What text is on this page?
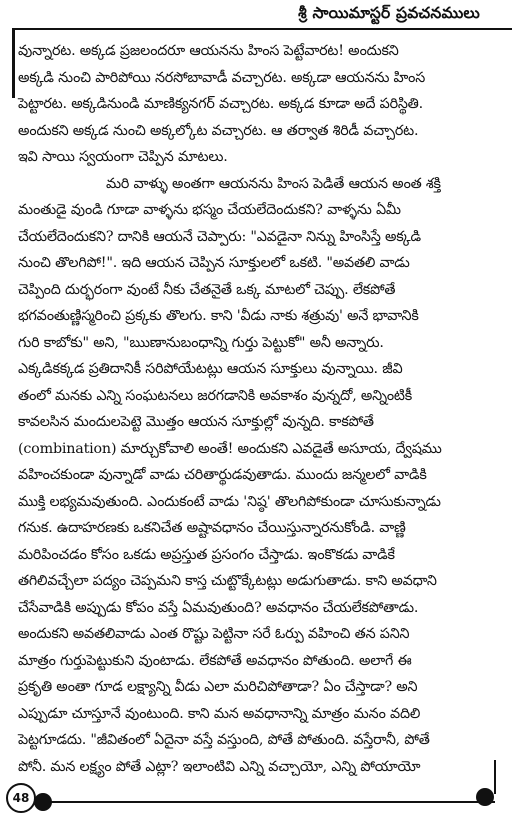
శ్రీ సాయిమాస్టర్ ప్రవచనములు

వున్నారట. అక్కడ ప్రజలందరూ ఆయనను హింస పెట్టేవారట! అందుకని
అక్కడి నుంచి పారిపోయి నరసోబావాడీ వచ్చారట. అక్కడా ఆయనను హింస
పెట్టారట. అక్కడినుండి మాణిక్యనగర్ వచ్చారట. అక్కడ కూడా అదే పరిస్థితి.
అందుకని అక్కడ నుంచి అక్కల్కోట వచ్చారట. ఆ తర్వాత శిరిడీ వచ్చారట.
ఇవి సాయి స్వయంగా చెప్పిన మాటలు.

మరి వాళ్ళు అంతగా ఆయనను హింస పెడితే ఆయన అంత శక్తి
మంతుడై వుండి గూడా వాళ్ళను భస్మం చేయలేదెందుకని? వాళ్ళను ఏమీ
చేయలేదెందుకని? దానికి ఆయనే చెప్పారు: "ఎవడైనా నిన్ను హింసిస్తే అక్కడి
నుంచి తొలగిపో!". ఇది ఆయన చెప్పిన సూక్తులలో ఒకటి. "అవతలి వాడు
చెప్పింది దుర్భరంగా వుంటే నీకు చేతనైతే ఒక్క మాటలో చెప్పు. లేకపోతే
భగవంతుణ్ణిస్మరించి ప్రక్కకు తొలగు. కాని 'వీడు నాకు శత్రువు' అనే భావానికి
గురి కాబోకు" అని, "ఋణానుబంధాన్ని గుర్తు పెట్టుకో" అనీ అన్నారు.
ఎక్కడికక్కడ ప్రతిదానికీ సరిపోయేటట్లు ఆయన సూక్తులు వున్నాయి. జీవి
తంలో మనకు ఎన్ని సంఘటనలు జరగడానికి అవకాశం వున్నదో, అన్నింటికీ
కావలసిన మందులపెట్టె మొత్తం ఆయన సూక్తుల్లో వున్నది. కాకపోతే
(combination) మార్చుకోవాలి అంతే! అందుకని ఎవడైతే అసూయ, ద్వేషము
వహించకుండా వున్నాడో వాడు చరితార్థుడవుతాడు. ముందు జన్మలలో వాడికి
ముక్తి లభ్యమవుతుంది. ఎందుకంటే వాడు 'నిష్ఠ' తొలగిపోకుండా చూసుకున్నాడు
గనుక. ఉదాహరణకు ఒకనిచేత అష్టావధానం చేయిస్తున్నారనుకోండి. వాణ్ణి
మరిపించడం కోసం ఒకడు అప్రస్తుత ప్రసంగం చేస్తాడు. ఇంకొకడు వాడికే
తగిలివచ్చేలా పద్యం చెప్పమని కాస్త చుట్టొక్కేటట్లు అడుగుతాడు. కాని అవధాని
చేసేవాడికి అప్పుడు కోపం వస్తే ఏమవుతుంది? అవధానం చేయలేకపోతాడు.
అందుకని అవతలివాడు ఎంత రొష్టు పెట్టినా సరే ఓర్పు వహించి తన పనిని
మాత్రం గుర్తుపెట్టుకుని వుంటాడు. లేకపోతే అవధానం పోతుంది. అలాగే ఈ
ప్రకృతి అంతా గూడ లక్ష్యాన్ని వీడు ఎలా మరిచిపోతాడా? ఏం చేస్తాడా? అని
ఎప్పుడూ చూస్తూనే వుంటుంది. కాని మన అవధానాన్ని మాత్రం మనం వదిలి
పెట్టగూడదు. "జీవితంలో ఏదైనా వస్తే వస్తుంది, పోతే పోతుంది. వస్తేరానీ, పోతే
పోనీ. మన లక్ష్యం పోతే ఎట్లా? ఇలాంటివి ఎన్ని వచ్చాయో, ఎన్ని పోయాయో

48
